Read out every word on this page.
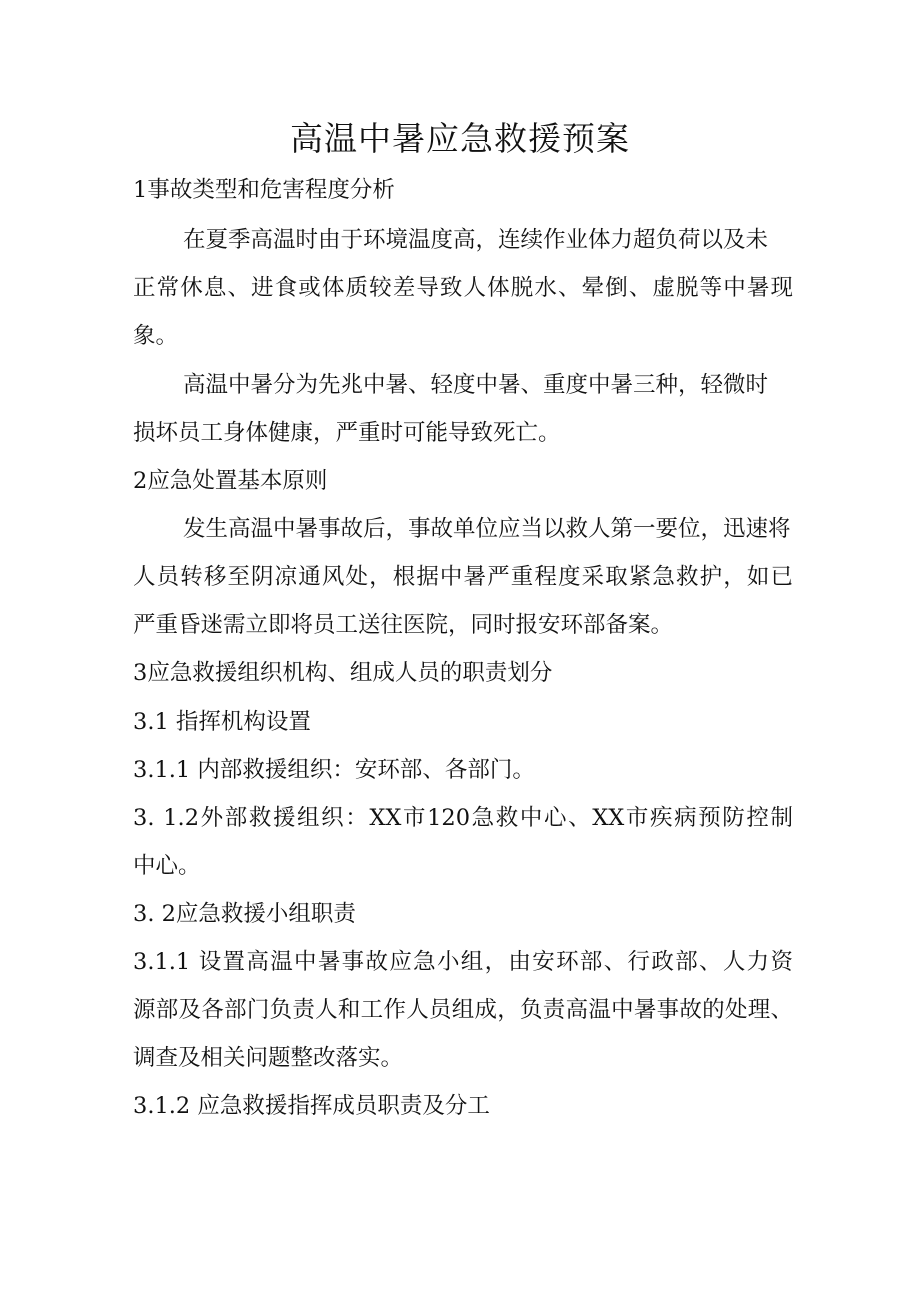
高温中暑应急救援预案

1事故类型和危害程度分析

在夏季高温时由于环境温度高，连续作业体力超负荷以及未

正常休息、进食或体质较差导致人体脱水、晕倒、虚脱等中暑现

象。

高温中暑分为先兆中暑、轻度中暑、重度中暑三种，轻微时

损坏员工身体健康，严重时可能导致死亡。

2应急处置基本原则

发生高温中暑事故后，事故单位应当以救人第一要位，迅速将

人员转移至阴凉通风处，根据中暑严重程度采取紧急救护，如已

严重昏迷需立即将员工送往医院，同时报安环部备案。

3应急救援组织机构、组成人员的职责划分

3.1 指挥机构设置

3.1.1 内部救援组织：安环部、各部门。

3. 1.2外部救援组织：XX市120急救中心、XX市疾病预防控制

中心。

3. 2应急救援小组职责

3.1.1 设置高温中暑事故应急小组，由安环部、行政部、人力资

源部及各部门负责人和工作人员组成，负责高温中暑事故的处理、

调查及相关问题整改落实。

3.1.2 应急救援指挥成员职责及分工
